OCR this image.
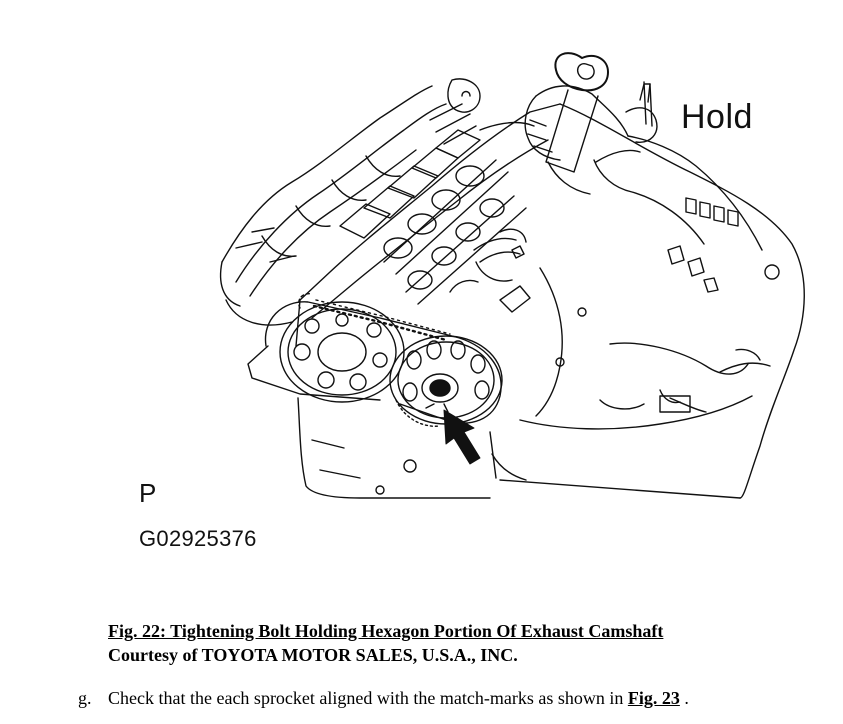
Hold
P
G02925376
Fig. 22: Tightening Bolt Holding Hexagon Portion Of Exhaust Camshaft
Courtesy of TOYOTA MOTOR SALES, U.S.A., INC.
g. Check that the each sprocket aligned with the match-marks as shown in Fig. 23 .
